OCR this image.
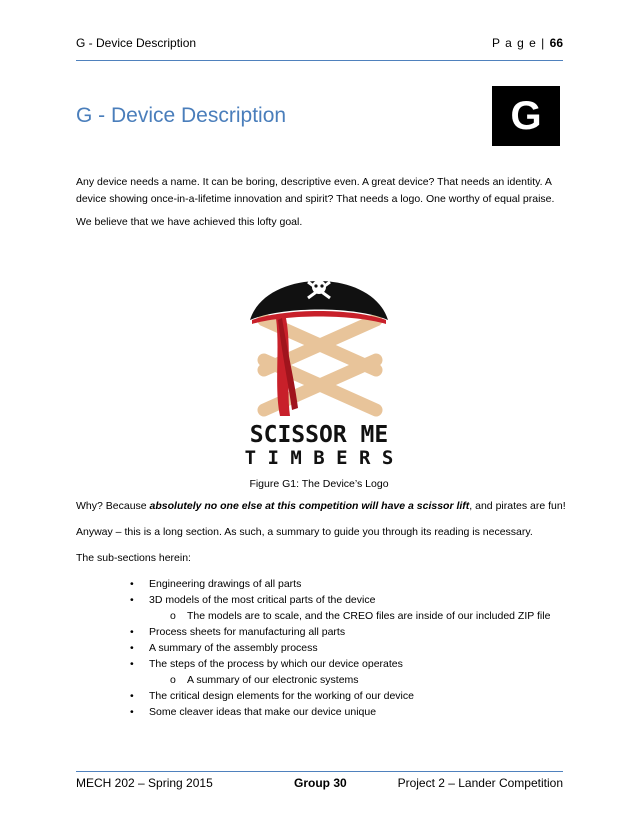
G - Device Description	P a g e | 66
G - Device Description	G
Any device needs a name. It can be boring, descriptive even. A great device? That needs an identity. A device showing once-in-a-lifetime innovation and spirit? That needs a logo. One worthy of equal praise.
We believe that we have achieved this lofty goal.
SCISSOR ME
T I M B E R S
Figure G1: The Device’s Logo
Why? Because absolutely no one else at this competition will have a scissor lift, and pirates are fun!
Anyway – this is a long section. As such, a summary to guide you through its reading is necessary.
The sub-sections herein:
• Engineering drawings of all parts
• 3D models of the most critical parts of the device
o The models are to scale, and the CREO files are inside of our included ZIP file
• Process sheets for manufacturing all parts
• A summary of the assembly process
• The steps of the process by which our device operates
o A summary of our electronic systems
• The critical design elements for the working of our device
• Some cleaver ideas that make our device unique
MECH 202 – Spring 2015	Group 30	Project 2 – Lander Competition
